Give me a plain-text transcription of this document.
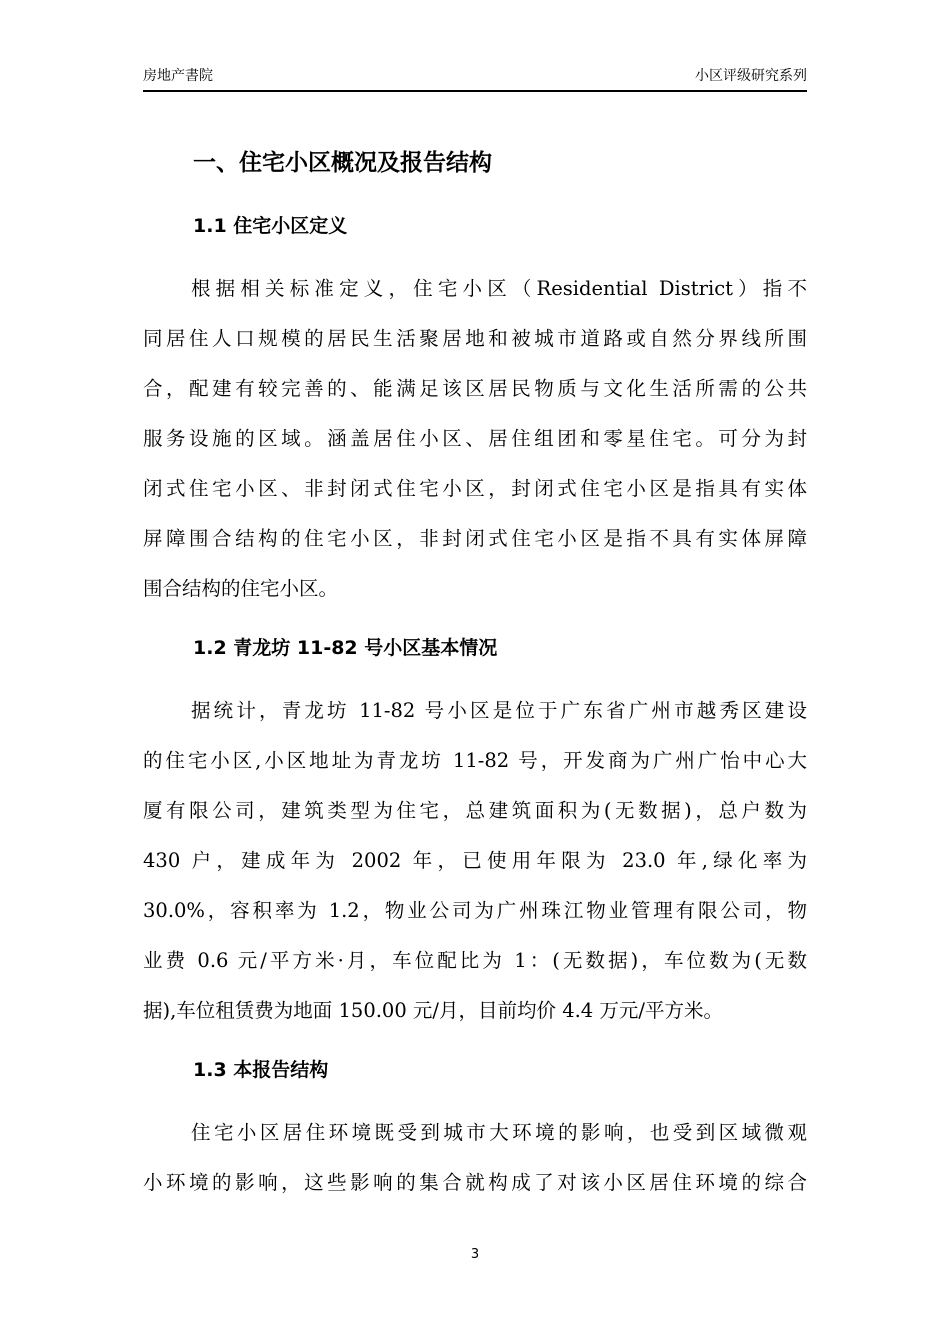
房地产書院	小区评级研究系列
一、住宅小区概况及报告结构
1.1 住宅小区定义
根据相关标准定义，住宅小区（Residential District）指不
同居住人口规模的居民生活聚居地和被城市道路或自然分界线所围
合，配建有较完善的、能满足该区居民物质与文化生活所需的公共
服务设施的区域。涵盖居住小区、居住组团和零星住宅。可分为封
闭式住宅小区、非封闭式住宅小区，封闭式住宅小区是指具有实体
屏障围合结构的住宅小区，非封闭式住宅小区是指不具有实体屏障
围合结构的住宅小区。
1.2 青龙坊 11-82 号小区基本情况
据统计，青龙坊 11-82 号小区是位于广东省广州市越秀区建设
的住宅小区,小区地址为青龙坊 11-82 号，开发商为广州广怡中心大
厦有限公司，建筑类型为住宅，总建筑面积为(无数据)，总户数为
430 户，建成年为 2002 年，已使用年限为 23.0 年,绿化率为
30.0%，容积率为 1.2，物业公司为广州珠江物业管理有限公司，物
业费 0.6 元/平方米·月，车位配比为 1：(无数据)，车位数为(无数
据),车位租赁费为地面 150.00 元/月，目前均价 4.4 万元/平方米。
1.3 本报告结构
住宅小区居住环境既受到城市大环境的影响，也受到区域微观
小环境的影响，这些影响的集合就构成了对该小区居住环境的综合
3
